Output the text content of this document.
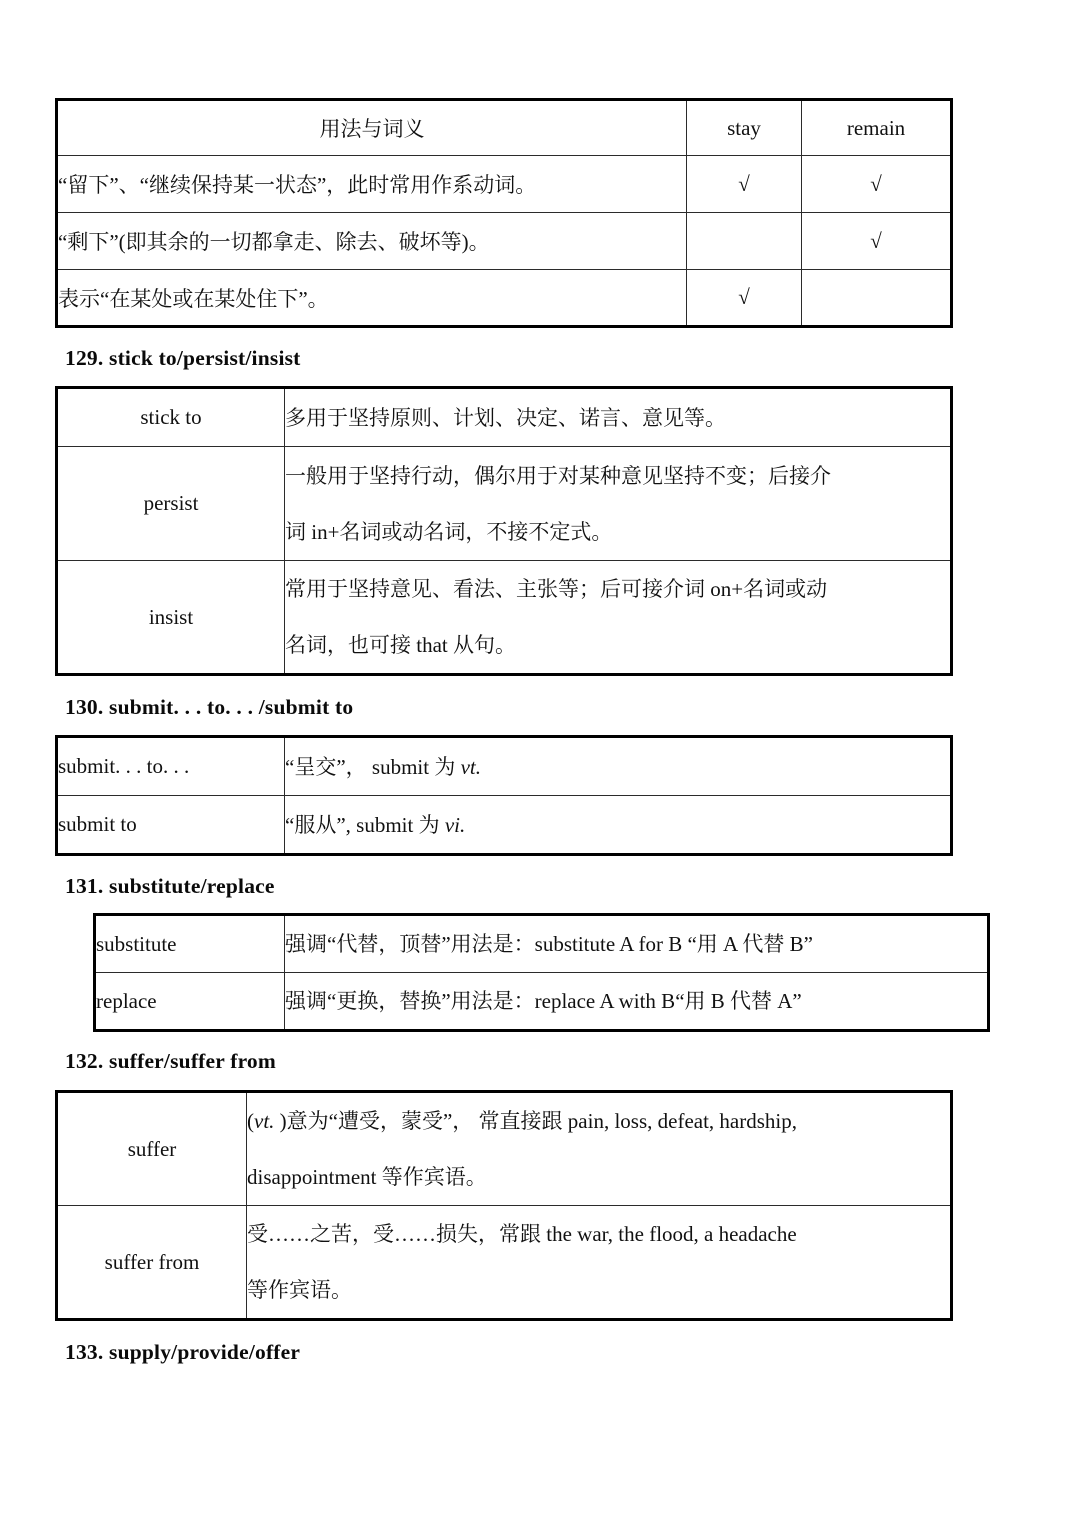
用法与词义	stay	remain
“留下”、“继续保持某一状态”，此时常用作系动词。	√	√
“剩下”(即其余的一切都拿走、除去、破坏等)。		√
表示“在某处或在某处住下”。	√	
129. stick to/persist/insist
stick to	多用于坚持原则、计划、决定、诺言、意见等。
persist	一般用于坚持行动，偶尔用于对某种意见坚持不变；后接介
词 in+名词或动名词，不接不定式。
insist	常用于坚持意见、看法、主张等；后可接介词 on+名词或动
名词，也可接 that 从句。
130. submit. . . to. . . /submit to
submit. . . to. . .	“呈交”， submit 为 vt.
submit to	“服从”, submit 为 vi.
131. substitute/replace
substitute	强调“代替，顶替”用法是：substitute A for B “用 A 代替 B”
replace	强调“更换，替换”用法是：replace A with B“用 B 代替 A”
132. suffer/suffer from
suffer	(vt. )意为“遭受，蒙受”， 常直接跟 pain, loss, defeat, hardship,
disappointment 等作宾语。
suffer from	受……之苦，受……损失，常跟 the war, the flood, a headache
等作宾语。
133. supply/provide/offer
